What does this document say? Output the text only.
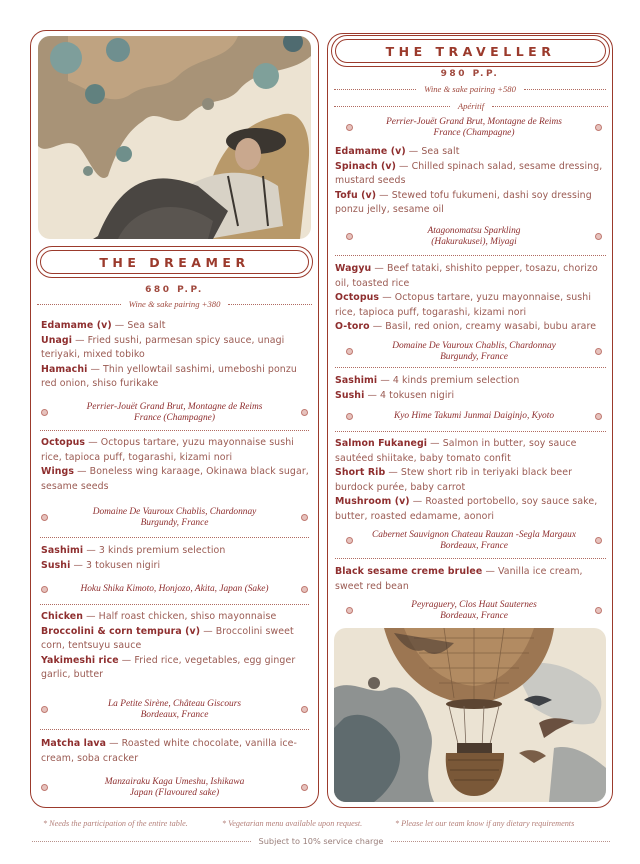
THE DREAMER
680 P.P.
Wine & sake pairing +380
Edamame (v) — Sea salt
Unagi — Fried sushi, parmesan spicy sauce, unagi teriyaki, mixed tobiko
Hamachi — Thin yellowtail sashimi, umeboshi ponzu red onion, shiso furikake
Perrier-Jouët Grand Brut, Montagne de Reims
France (Champagne)
Octopus — Octopus tartare, yuzu mayonnaise sushi rice, tapioca puff, togarashi, kizami nori
Wings — Boneless wing karaage, Okinawa black sugar, sesame seeds
Domaine De Vauroux Chablis, Chardonnay
Burgundy, France
Sashimi — 3 kinds premium selection
Sushi — 3 tokusen nigiri
Hoku Shika Kimoto, Honjozo, Akita, Japan (Sake)
Chicken — Half roast chicken, shiso mayonnaise
Broccolini & corn tempura (v) — Broccolini sweet corn, tentsuyu sauce
Yakimeshi rice — Fried rice, vegetables, egg ginger garlic, butter
La Petite Sirène, Château Giscours
Bordeaux, France
Matcha lava — Roasted white chocolate, vanilla ice-cream, soba cracker
Manzairaku Kaga Umeshu, Ishikawa
Japan (Flavoured sake)
THE TRAVELLER
980 P.P.
Wine & sake pairing +580
Apéritif
Perrier-Jouët Grand Brut, Montagne de Reims
France (Champagne)
Edamame (v) — Sea salt
Spinach (v) — Chilled spinach salad, sesame dressing, mustard seeds
Tofu (v) — Stewed tofu fukumeni, dashi soy dressing ponzu jelly, sesame oil
Atagonomatsu Sparkling
(Hakurakusei), Miyagi
Wagyu — Beef tataki, shishito pepper, tosazu, chorizo oil, toasted rice
Octopus — Octopus tartare, yuzu mayonnaise, sushi rice, tapioca puff, togarashi, kizami nori
O-toro — Basil, red onion, creamy wasabi, bubu arare
Domaine De Vauroux Chablis, Chardonnay
Burgundy, France
Sashimi — 4 kinds premium selection
Sushi — 4 tokusen nigiri
Kyo Hime Takumi Junmai Daiginjo, Kyoto
Salmon Fukanegi — Salmon in butter, soy sauce sautéed shiitake, baby tomato confit
Short Rib — Stew short rib in teriyaki black beer burdock purée, baby carrot
Mushroom (v) — Roasted portobello, soy sauce sake, butter, roasted edamame, aonori
Cabernet Sauvignon Chateau Rauzan -Segla Margaux
Bordeaux, France
Black sesame creme brulee — Vanilla ice cream, sweet red bean
Peyraguery, Clos Haut Sauternes
Bordeaux, France
* Needs the participation of the entire table.	* Vegetarian menu available upon request.	* Please let our team know if any dietary requirements
Subject to 10% service charge
